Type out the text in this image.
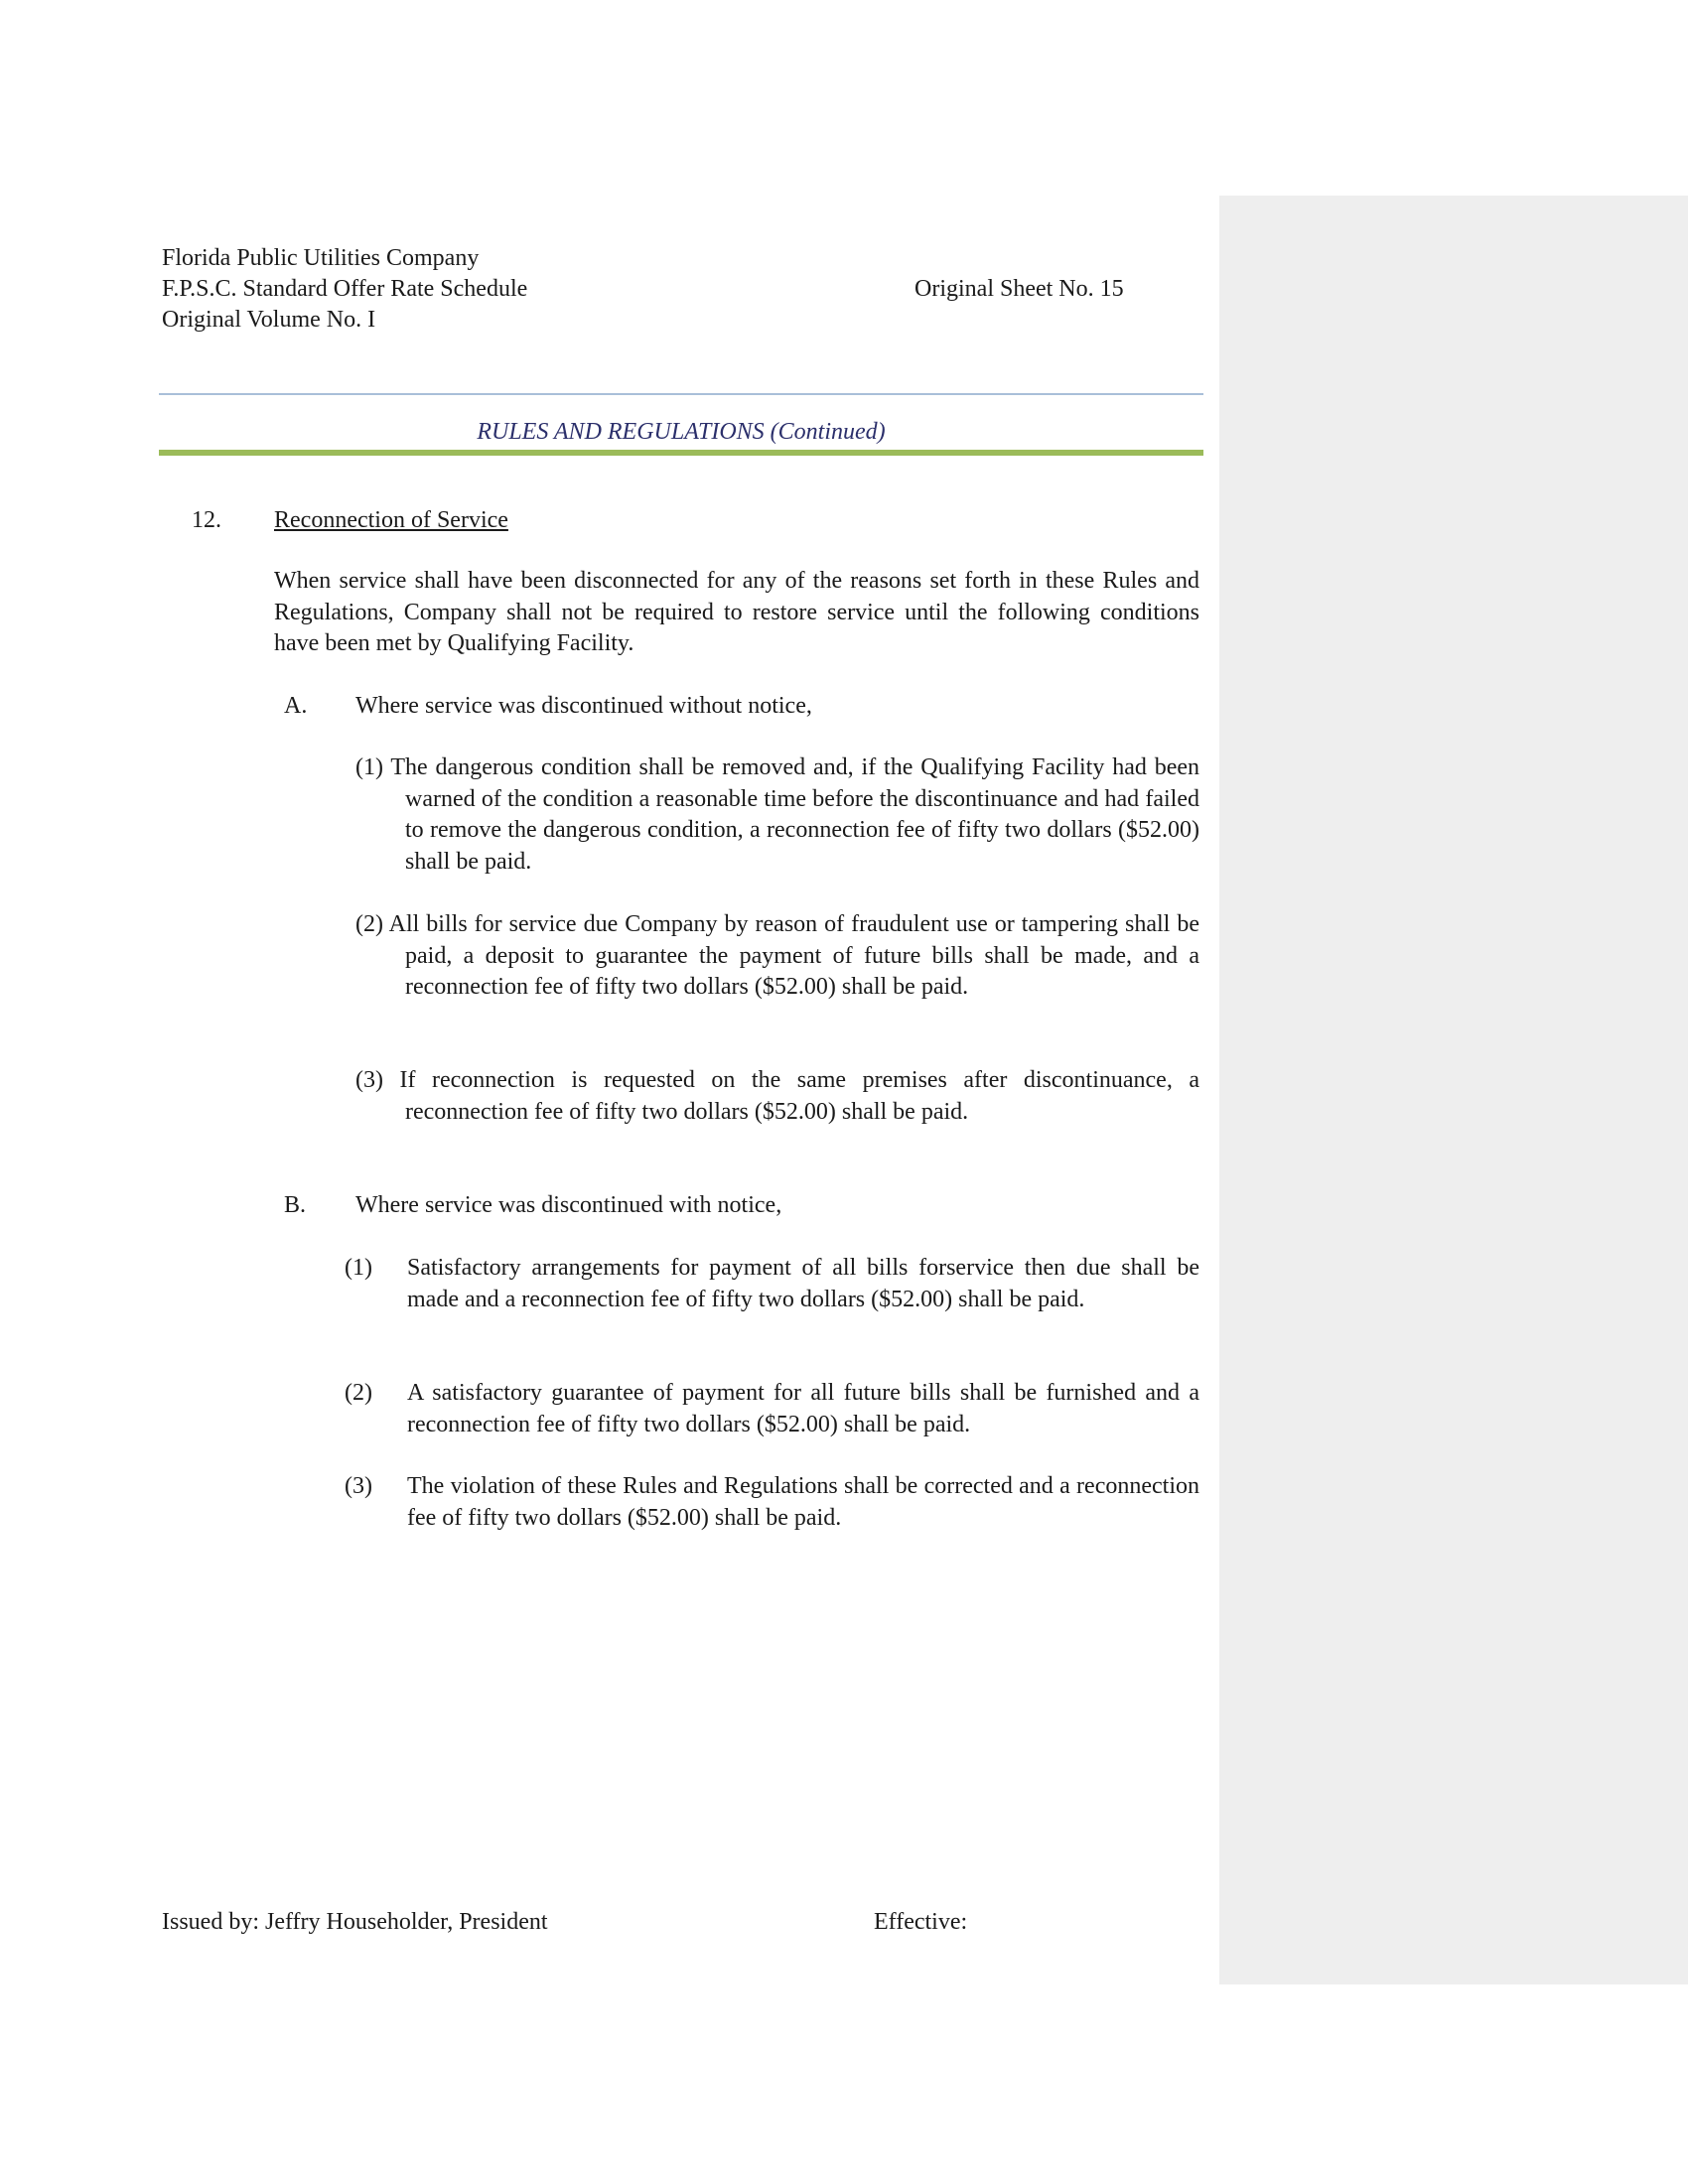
Florida Public Utilities Company
F.P.S.C. Standard Offer Rate Schedule
Original Volume No. I
Original Sheet No. 15
RULES AND REGULATIONS (Continued)
12. Reconnection of Service
When service shall have been disconnected for any of the reasons set forth in these Rules and Regulations, Company shall not be required to restore service until the following conditions have been met by Qualifying Facility.
A. Where service was discontinued without notice,
(1) The dangerous condition shall be removed and, if the Qualifying Facility had been warned of the condition a reasonable time before the discontinuance and had failed to remove the dangerous condition, a reconnection fee of fifty two dollars ($52.00) shall be paid.
(2) All bills for service due Company by reason of fraudulent use or tampering shall be paid, a deposit to guarantee the payment of future bills shall be made, and a reconnection fee of fifty two dollars ($52.00) shall be paid.
(3) If reconnection is requested on the same premises after discontinuance, a reconnection fee of fifty two dollars ($52.00) shall be paid.
B. Where service was discontinued with notice,
(1) Satisfactory arrangements for payment of all bills forservice then due shall be made and a reconnection fee of fifty two dollars ($52.00) shall be paid.
(2) A satisfactory guarantee of payment for all future bills shall be furnished and a reconnection fee of fifty two dollars ($52.00) shall be paid.
(3) The violation of these Rules and Regulations shall be corrected and a reconnection fee of fifty two dollars ($52.00) shall be paid.
Issued by: Jeffry Householder, President	Effective:
